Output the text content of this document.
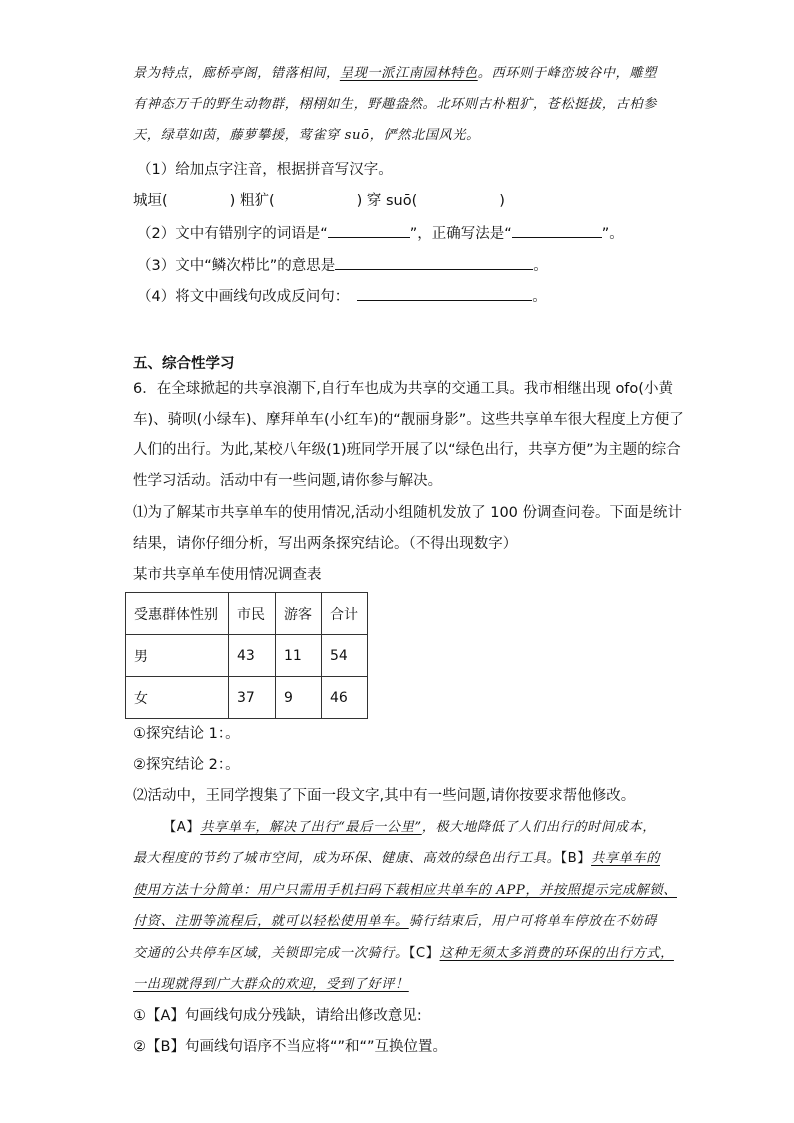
景为特点，廊桥亭阁，错落相间，呈现一派江南园林特色。西环则于峰峦坡谷中，雕塑
有神态万千的野生动物群，栩栩如生，野趣盎然。北环则古朴粗犷，苍松挺拔，古柏参
天，绿草如茵，藤萝攀援，莺雀穿 suō，俨然北国风光。
（1）给加点字注音，根据拼音写汉字。
城垣(	) 粗犷(	) 穿 suō(	)
（2）文中有错别字的词语是“	”，正确写法是“	”。
（3）文中“鳞次栉比”的意思是	。
（4）将文中画线句改成反问句：	。
五、综合性学习
6．在全球掀起的共享浪潮下,自行车也成为共享的交通工具。我市相继出现 ofo(小黄
车)、骑呗(小绿车)、摩拜单车(小红车)的“靓丽身影”。这些共享单车很大程度上方便了
人们的出行。为此,某校八年级(1)班同学开展了以“绿色出行，共享方便”为主题的综合
性学习活动。活动中有一些问题,请你参与解决。
⑴为了解某市共享单车的使用情况,活动小组随机发放了 100 份调查问卷。下面是统计
结果，请你仔细分析，写出两条探究结论。（不得出现数字）
某市共享单车使用情况调查表
受惠群体性别	市民	游客	合计
男	43	11	54
女	37	9	46
①探究结论 1：。
②探究结论 2：。
⑵活动中，王同学搜集了下面一段文字,其中有一些问题,请你按要求帮他修改。
【A】共享单车，解决了出行“最后一公里”，极大地降低了人们出行的时间成本，
最大程度的节约了城市空间，成为环保、健康、高效的绿色出行工具。【B】共享单车的
使用方法十分简单：用户只需用手机扫码下载相应共单车的 APP，并按照提示完成解锁、
付资、注册等流程后，就可以轻松使用单车。骑行结束后，用户可将单车停放在不妨碍
交通的公共停车区域，关锁即完成一次骑行。【C】这种无须太多消费的环保的出行方式，
一出现就得到广大群众的欢迎，受到了好评！
①【A】句画线句成分残缺，请给出修改意见:
②【B】句画线句语序不当应将“”和“”互换位置。
